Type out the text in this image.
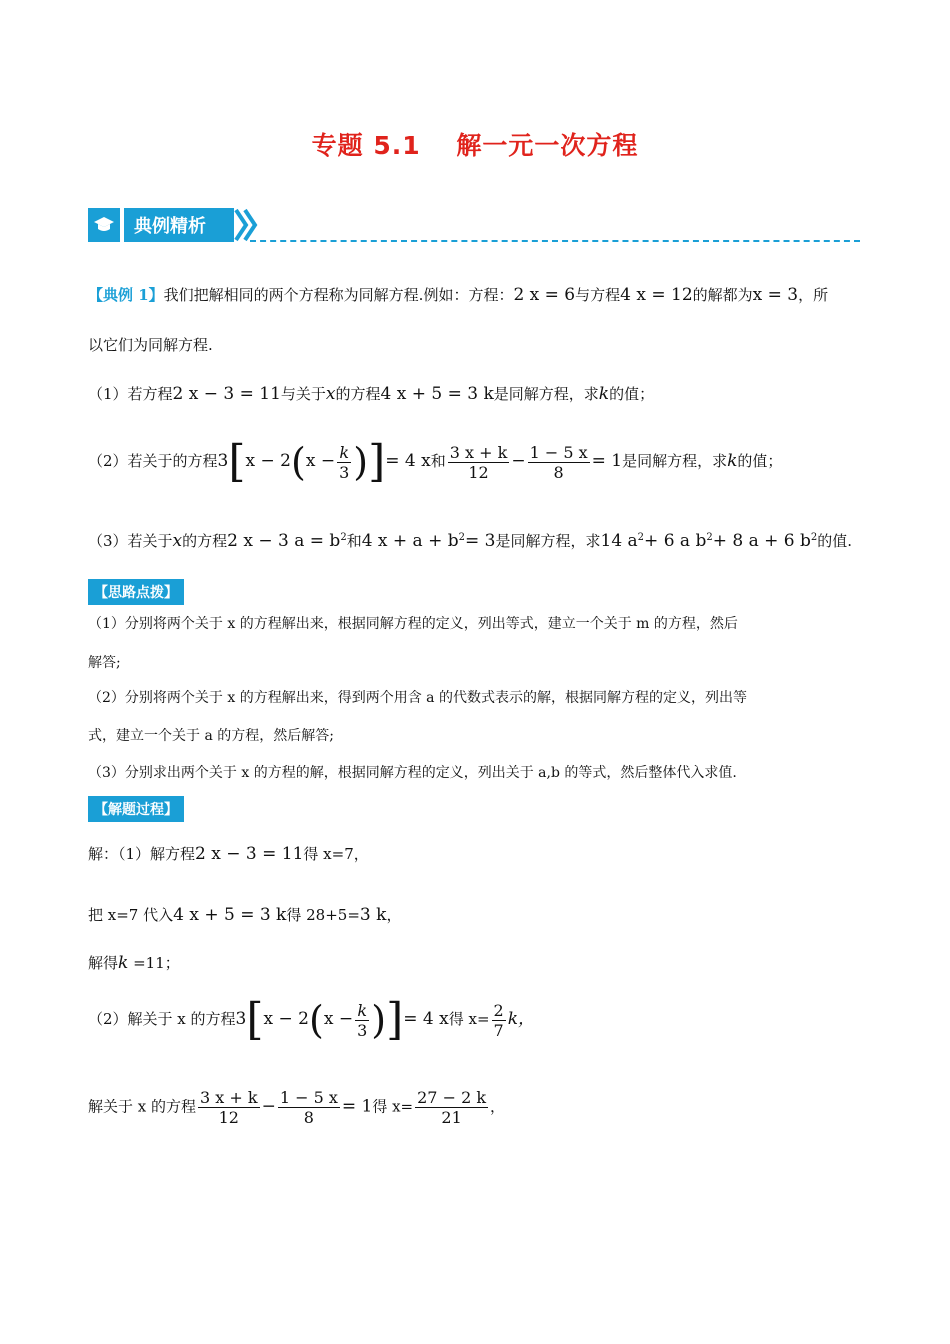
专题 5.1　 解一元一次方程
典例精析
【典例 1】我们把解相同的两个方程称为同解方程.例如：方程：2 x = 6与方程4 x = 12的解都为x = 3，所
以它们为同解方程.
（1）若方程2 x − 3 = 11与关于x的方程4 x + 5 = 3 k是同解方程，求k的值；
（2）若关于的方程$3[x - 2(x - \frac{k}{3}$ )]= 4 x和 $\frac{3 x + k}{12} - \frac{1 - 5 x}{8} = 1$是同解方程，求k的值；
（3）若关于x的方程2 x − 3 $a = b^2$和4 $x + a + b^2= 3$是同解方程，求14 $a^2+ 6$ a $b^2+ 8$ a + 6 $b^2$的值.
【思路点拨】
（1）分别将两个关于 x 的方程解出来，根据同解方程的定义，列出等式，建立一个关于 m 的方程，然后
解答;
（2）分别将两个关于 x 的方程解出来，得到两个用含 a 的代数式表示的解，根据同解方程的定义，列出等
式，建立一个关于 a 的方程，然后解答;
（3）分别求出两个关于 x 的方程的解，根据同解方程的定义，列出关于 a,b 的等式，然后整体代入求值.
【解题过程】
解：（1）解方程2 x − 3 = 11得 x=7，
把 x=7 代入4 x + 5 = 3 k得 28+5=3 k，
解得k =11；
（2）解关于 x 的方程$3[x - 2(x - \frac{k}{3}$ )]= 4 x得 $x= \frac{2}{7}$ k，
解关于 x 的方程 $\frac{3 x + k}{12} - \frac{1 - 5 x}{8} = 1$得 $x= \frac{27 - 2 k}{21}$ ，
